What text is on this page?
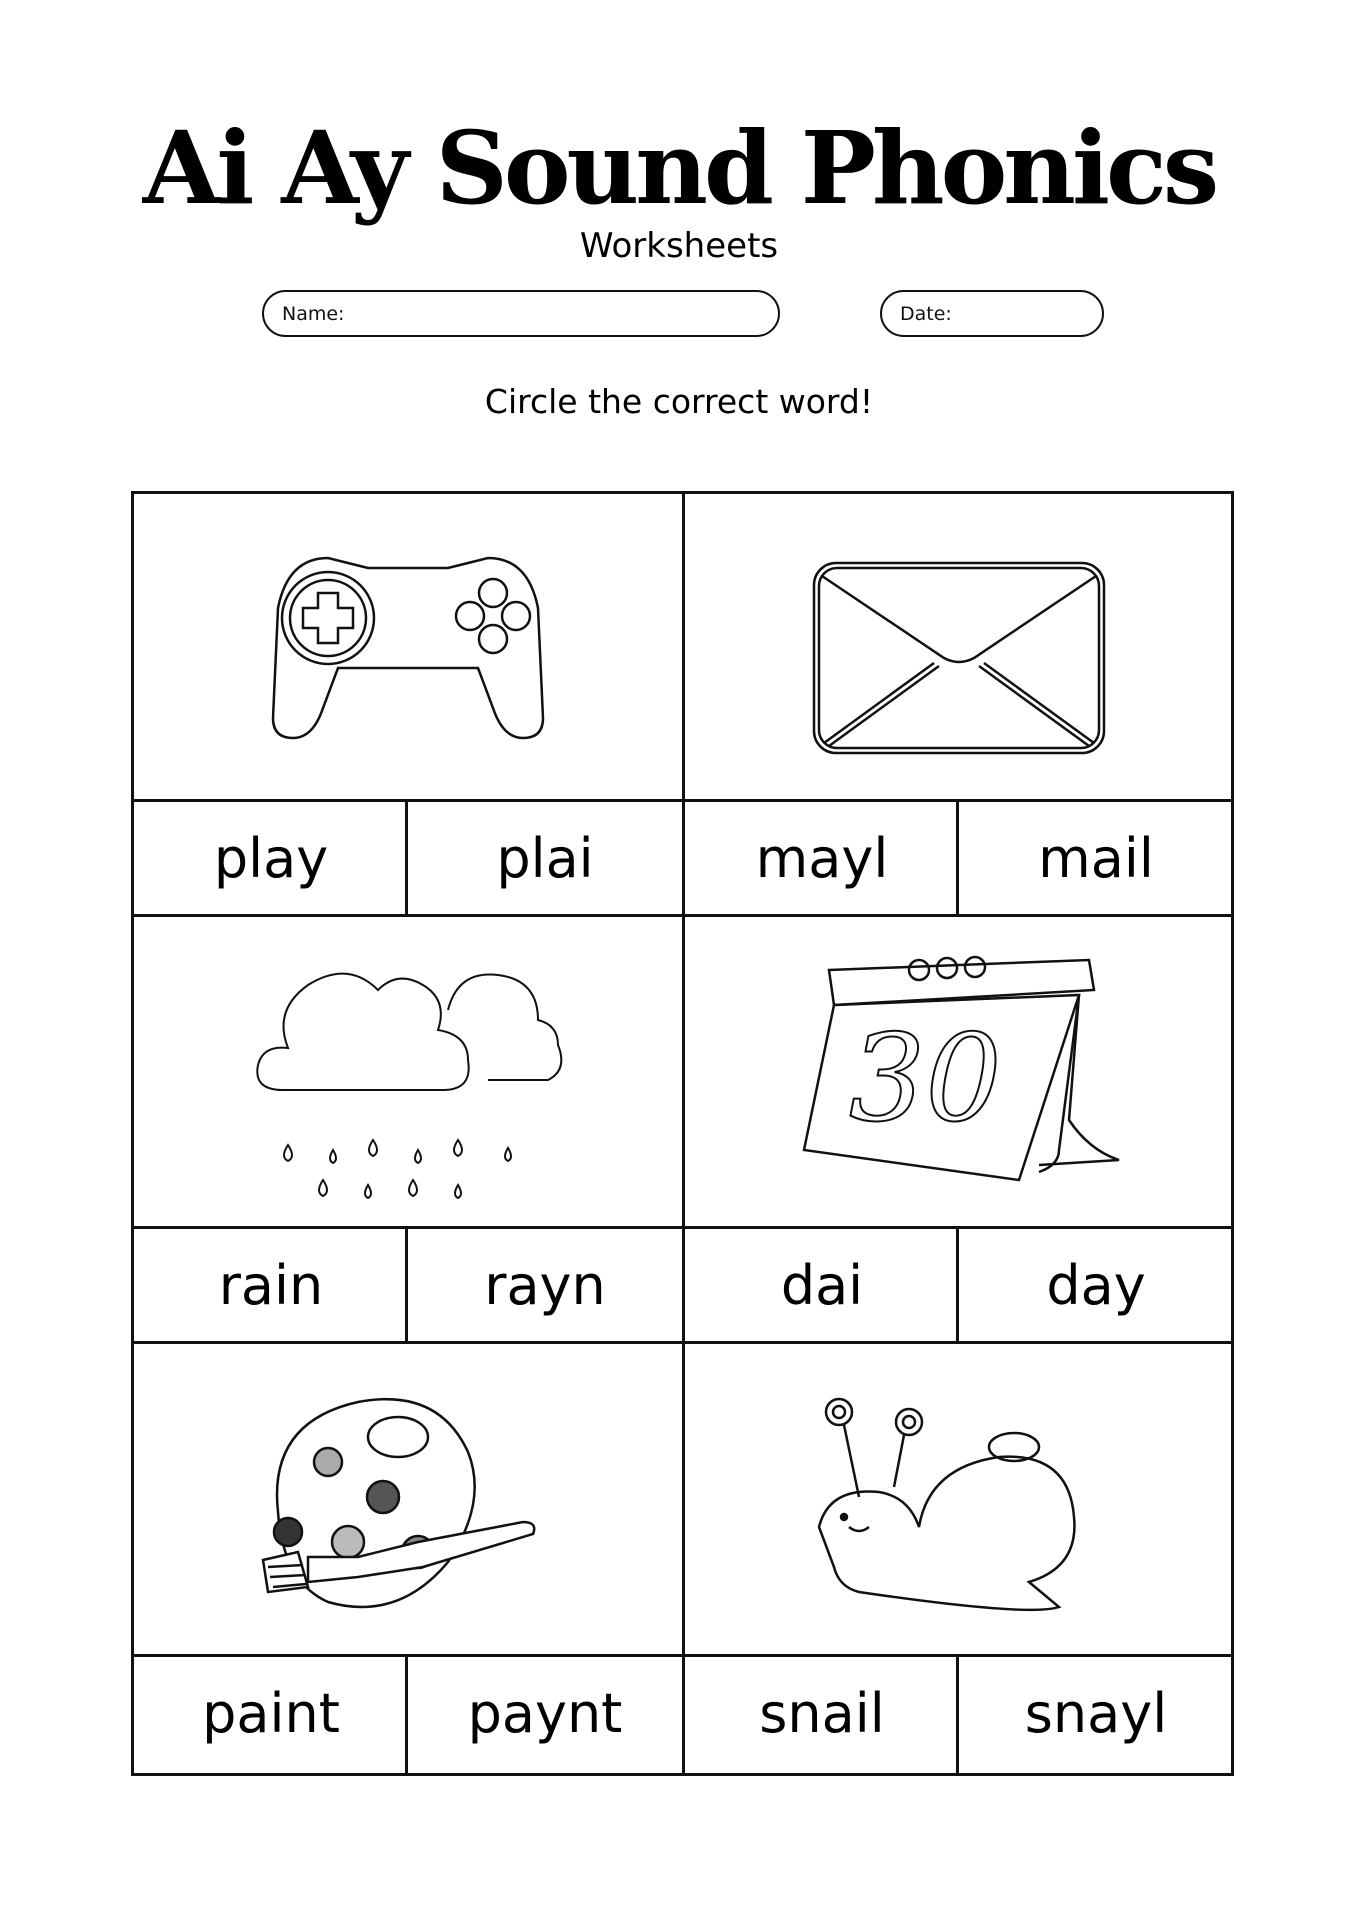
Ai Ay Sound Phonics
Worksheets
Name:	Date:
Circle the correct word!
30
play	plai	mayl	mail
rain	rayn	dai	day
paint	paynt	snail	snayl
